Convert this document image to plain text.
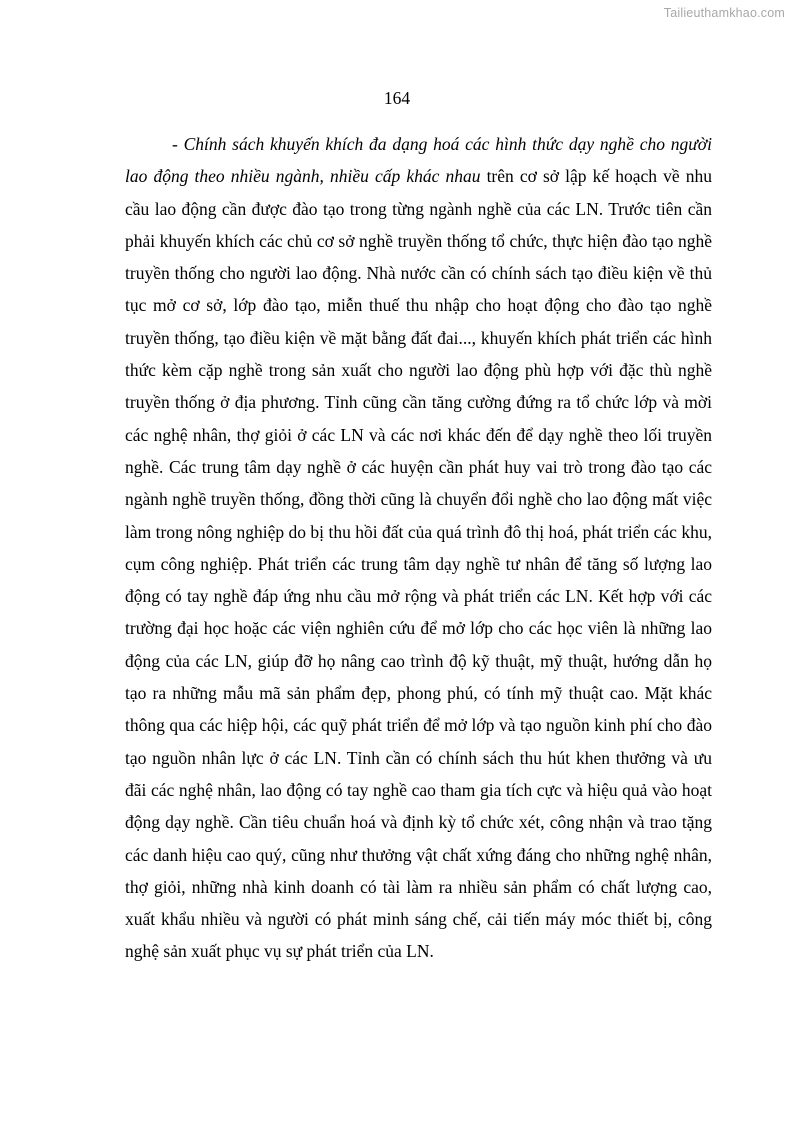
Tailieuthamkhao.com
164

- Chính sách khuyến khích đa dạng hoá các hình thức dạy nghề cho người lao động theo nhiều ngành, nhiều cấp khác nhau trên cơ sở lập kế hoạch về nhu cầu lao động cần được đào tạo trong từng ngành nghề của các LN. Trước tiên cần phải khuyến khích các chủ cơ sở nghề truyền thống tổ chức, thực hiện đào tạo nghề truyền thống cho người lao động. Nhà nước cần có chính sách tạo điều kiện về thủ tục mở cơ sở, lớp đào tạo, miễn thuế thu nhập cho hoạt động cho đào tạo nghề truyền thống, tạo điều kiện về mặt bằng đất đai..., khuyến khích phát triển các hình thức kèm cặp nghề trong sản xuất cho người lao động phù hợp với đặc thù nghề truyền thống ở địa phương. Tỉnh cũng cần tăng cường đứng ra tổ chức lớp và mời các nghệ nhân, thợ giỏi ở các LN và các nơi khác đến để dạy nghề theo lối truyền nghề. Các trung tâm dạy nghề ở các huyện cần phát huy vai trò trong đào tạo các ngành nghề truyền thống, đồng thời cũng là chuyển đổi nghề cho lao động mất việc làm trong nông nghiệp do bị thu hồi đất của quá trình đô thị hoá, phát triển các khu, cụm công nghiệp. Phát triển các trung tâm dạy nghề tư nhân để tăng số lượng lao động có tay nghề đáp ứng nhu cầu mở rộng và phát triển các LN. Kết hợp với các trường đại học hoặc các viện nghiên cứu để mở lớp cho các học viên là những lao động của các LN, giúp đỡ họ nâng cao trình độ kỹ thuật, mỹ thuật, hướng dẫn họ tạo ra những mẫu mã sản phẩm đẹp, phong phú, có tính mỹ thuật cao. Mặt khác thông qua các hiệp hội, các quỹ phát triển để mở lớp và tạo nguồn kinh phí cho đào tạo nguồn nhân lực ở các LN. Tỉnh cần có chính sách thu hút khen thưởng và ưu đãi các nghệ nhân, lao động có tay nghề cao tham gia tích cực và hiệu quả vào hoạt động dạy nghề. Cần tiêu chuẩn hoá và định kỳ tổ chức xét, công nhận và trao tặng các danh hiệu cao quý, cũng như thưởng vật chất xứng đáng cho những nghệ nhân, thợ giỏi, những nhà kinh doanh có tài làm ra nhiều sản phẩm có chất lượng cao, xuất khẩu nhiều và người có phát minh sáng chế, cải tiến máy móc thiết bị, công nghệ sản xuất phục vụ sự phát triển của LN.
